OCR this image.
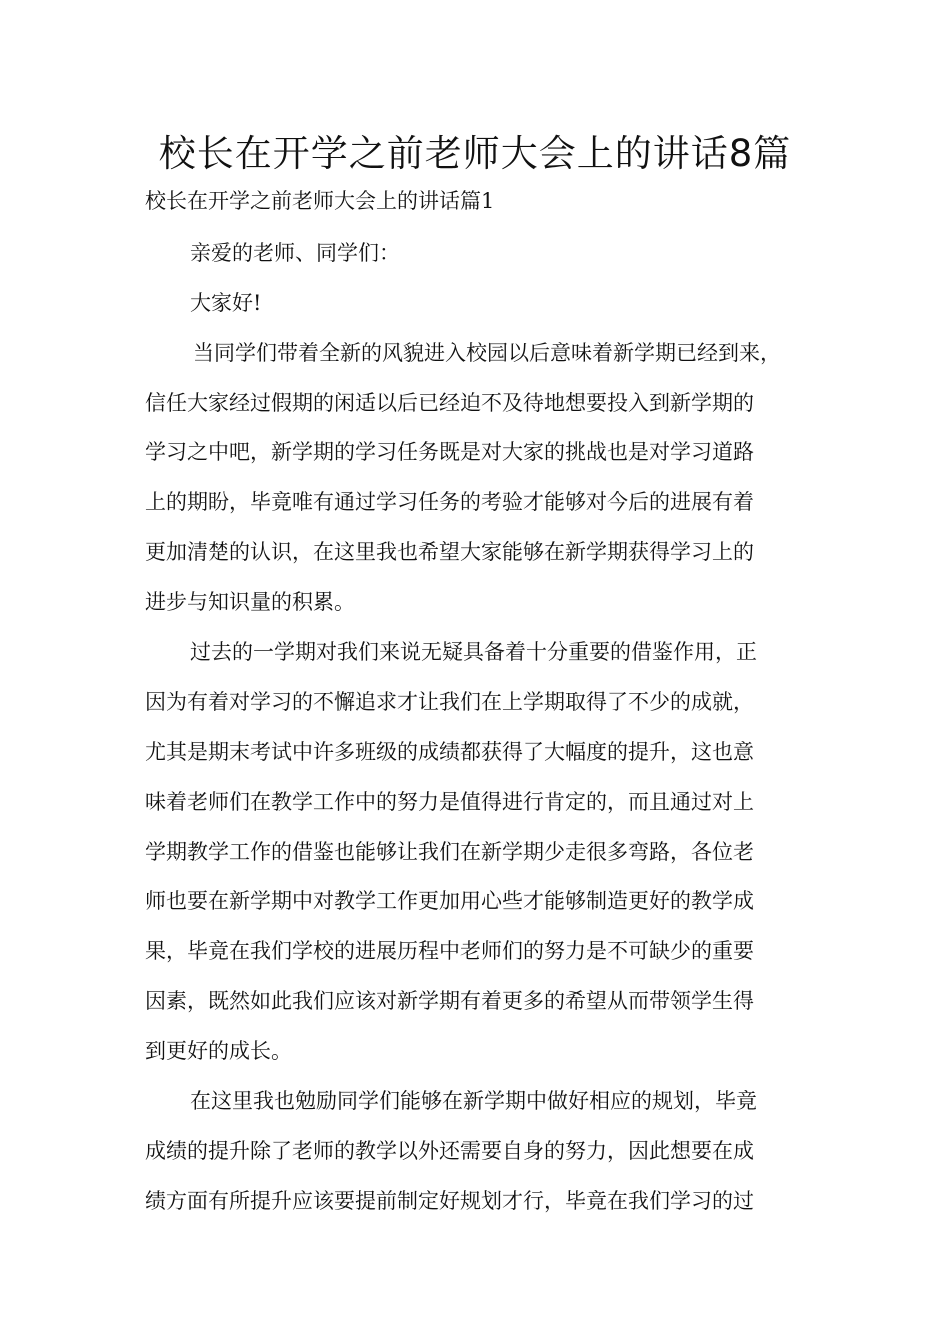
校长在开学之前老师大会上的讲话8篇

校长在开学之前老师大会上的讲话篇1

亲爱的老师、同学们：

大家好!

当同学们带着全新的风貌进入校园以后意味着新学期已经到来，

信任大家经过假期的闲适以后已经迫不及待地想要投入到新学期的

学习之中吧，新学期的学习任务既是对大家的挑战也是对学习道路

上的期盼，毕竟唯有通过学习任务的考验才能够对今后的进展有着

更加清楚的认识，在这里我也希望大家能够在新学期获得学习上的

进步与知识量的积累。

过去的一学期对我们来说无疑具备着十分重要的借鉴作用，正

因为有着对学习的不懈追求才让我们在上学期取得了不少的成就，

尤其是期末考试中许多班级的成绩都获得了大幅度的提升，这也意

味着老师们在教学工作中的努力是值得进行肯定的，而且通过对上

学期教学工作的借鉴也能够让我们在新学期少走很多弯路，各位老

师也要在新学期中对教学工作更加用心些才能够制造更好的教学成

果，毕竟在我们学校的进展历程中老师们的努力是不可缺少的重要

因素，既然如此我们应该对新学期有着更多的希望从而带领学生得

到更好的成长。

在这里我也勉励同学们能够在新学期中做好相应的规划，毕竟

成绩的提升除了老师的教学以外还需要自身的努力，因此想要在成

绩方面有所提升应该要提前制定好规划才行，毕竟在我们学习的过
